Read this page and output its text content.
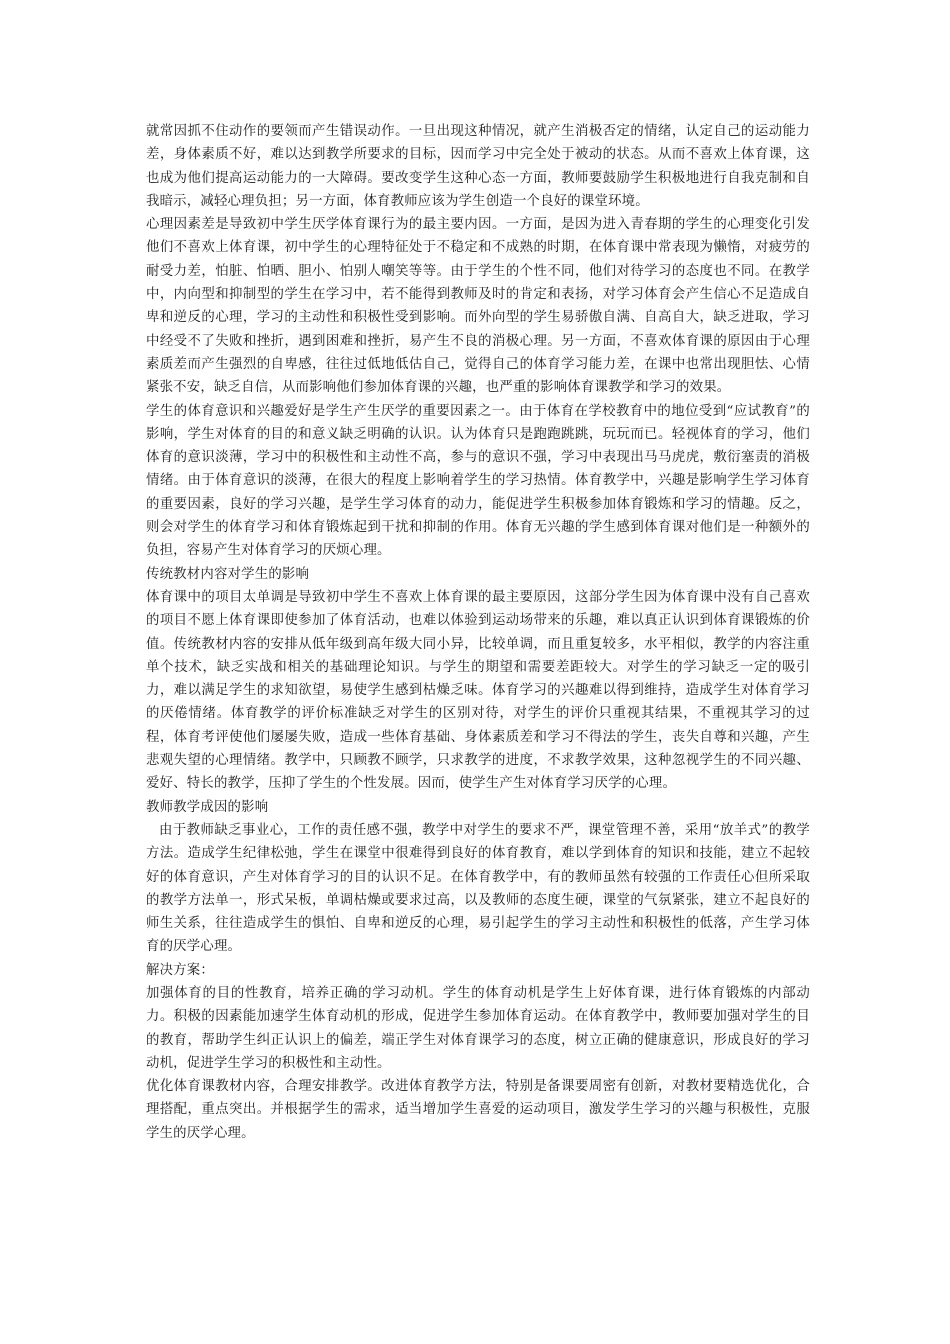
就常因抓不住动作的要领而产生错误动作。一旦出现这种情况，就产生消极否定的情绪，认定自己的运动能力差，身体素质不好，难以达到教学所要求的目标，因而学习中完全处于被动的状态。从而不喜欢上体育课，这也成为他们提高运动能力的一大障碍。要改变学生这种心态一方面，教师要鼓励学生积极地进行自我克制和自我暗示，减轻心理负担；另一方面，体育教师应该为学生创造一个良好的课堂环境。

心理因素差是导致初中学生厌学体育课行为的最主要内因。一方面，是因为进入青春期的学生的心理变化引发他们不喜欢上体育课，初中学生的心理特征处于不稳定和不成熟的时期，在体育课中常表现为懒惰，对疲劳的耐受力差，怕脏、怕晒、胆小、怕别人嘲笑等等。由于学生的个性不同，他们对待学习的态度也不同。在教学中，内向型和抑制型的学生在学习中，若不能得到教师及时的肯定和表扬，对学习体育会产生信心不足造成自卑和逆反的心理，学习的主动性和积极性受到影响。而外向型的学生易骄傲自满、自高自大，缺乏进取，学习中经受不了失败和挫折，遇到困难和挫折，易产生不良的消极心理。另一方面，不喜欢体育课的原因由于心理素质差而产生强烈的自卑感，往往过低地低估自己，觉得自己的体育学习能力差，在课中也常出现胆怯、心情紧张不安，缺乏自信，从而影响他们参加体育课的兴趣，也严重的影响体育课教学和学习的效果。

学生的体育意识和兴趣爱好是学生产生厌学的重要因素之一。由于体育在学校教育中的地位受到“应试教育”的影响，学生对体育的目的和意义缺乏明确的认识。认为体育只是跑跑跳跳，玩玩而已。轻视体育的学习，他们体育的意识淡薄，学习中的积极性和主动性不高，参与的意识不强，学习中表现出马马虎虎，敷衍塞责的消极情绪。由于体育意识的淡薄，在很大的程度上影响着学生的学习热情。体育教学中，兴趣是影响学生学习体育的重要因素，良好的学习兴趣，是学生学习体育的动力，能促进学生积极参加体育锻炼和学习的情趣。反之，则会对学生的体育学习和体育锻炼起到干扰和抑制的作用。体育无兴趣的学生感到体育课对他们是一种额外的负担，容易产生对体育学习的厌烦心理。

传统教材内容对学生的影响

体育课中的项目太单调是导致初中学生不喜欢上体育课的最主要原因，这部分学生因为体育课中没有自己喜欢的项目不愿上体育课即使参加了体育活动，也难以体验到运动场带来的乐趣，难以真正认识到体育课锻炼的价值。传统教材内容的安排从低年级到高年级大同小异，比较单调，而且重复较多，水平相似，教学的内容注重单个技术，缺乏实战和相关的基础理论知识。与学生的期望和需要差距较大。对学生的学习缺乏一定的吸引力，难以满足学生的求知欲望，易使学生感到枯燥乏味。体育学习的兴趣难以得到维持，造成学生对体育学习的厌倦情绪。体育教学的评价标准缺乏对学生的区别对待，对学生的评价只重视其结果，不重视其学习的过程，体育考评使他们屡屡失败，造成一些体育基础、身体素质差和学习不得法的学生，丧失自尊和兴趣，产生悲观失望的心理情绪。教学中，只顾教不顾学，只求教学的进度，不求教学效果，这种忽视学生的不同兴趣、爱好、特长的教学，压抑了学生的个性发展。因而，使学生产生对体育学习厌学的心理。

教师教学成因的影响

由于教师缺乏事业心，工作的责任感不强，教学中对学生的要求不严，课堂管理不善，采用“放羊式”的教学方法。造成学生纪律松弛，学生在课堂中很难得到良好的体育教育，难以学到体育的知识和技能，建立不起较好的体育意识，产生对体育学习的目的认识不足。在体育教学中，有的教师虽然有较强的工作责任心但所采取的教学方法单一，形式呆板，单调枯燥或要求过高，以及教师的态度生硬，课堂的气氛紧张，建立不起良好的师生关系，往往造成学生的惧怕、自卑和逆反的心理，易引起学生的学习主动性和积极性的低落，产生学习体育的厌学心理。

解决方案：

加强体育的目的性教育，培养正确的学习动机。学生的体育动机是学生上好体育课，进行体育锻炼的内部动力。积极的因素能加速学生体育动机的形成，促进学生参加体育运动。在体育教学中，教师要加强对学生的目的教育，帮助学生纠正认识上的偏差，端正学生对体育课学习的态度，树立正确的健康意识，形成良好的学习动机，促进学生学习的积极性和主动性。

优化体育课教材内容，合理安排教学。改进体育教学方法，特别是备课要周密有创新，对教材要精选优化，合理搭配，重点突出。并根据学生的需求，适当增加学生喜爱的运动项目，激发学生学习的兴趣与积极性，克服学生的厌学心理。
